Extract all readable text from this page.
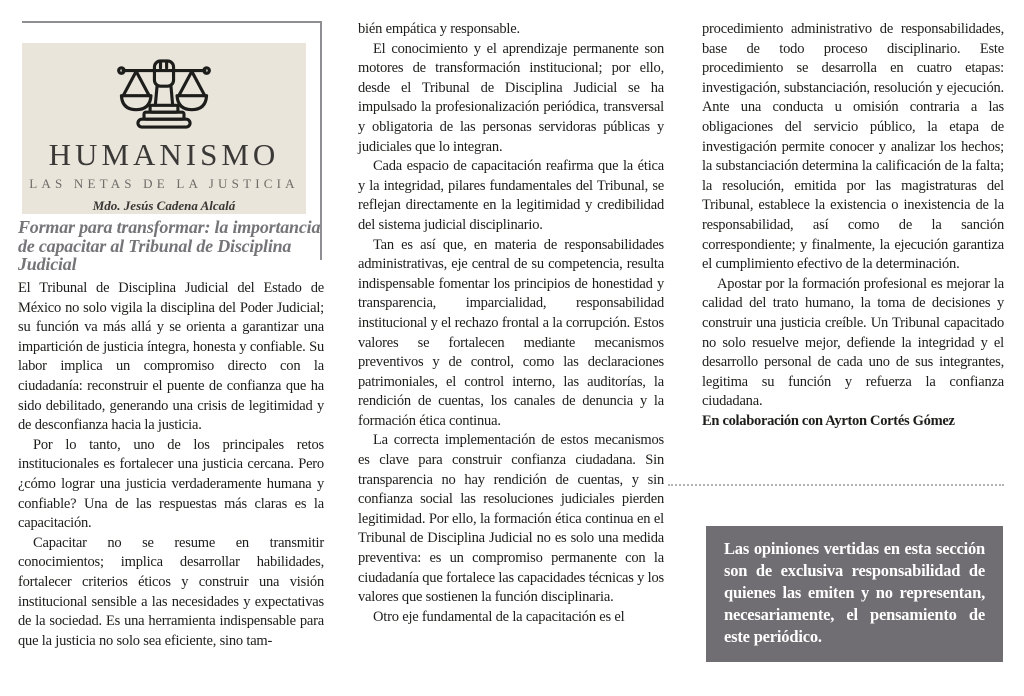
HUMANISMO
LAS NETAS DE LA JUSTICIA
Mdo. Jesús Cadena Alcalá
Formar para transformar: la importancia de capacitar al Tribunal de Disciplina Judicial

El Tribunal de Disciplina Judicial del Estado de México no solo vigila la disciplina del Poder Judicial; su función va más allá y se orienta a garantizar una impartición de justicia íntegra, honesta y confiable. Su labor implica un compromiso directo con la ciudadanía: reconstruir el puente de confianza que ha sido debilitado, generando una crisis de legitimidad y de desconfianza hacia la justicia.

Por lo tanto, uno de los principales retos institucionales es fortalecer una justicia cercana. Pero ¿cómo lograr una justicia verdaderamente humana y confiable? Una de las respuestas más claras es la capacitación.

Capacitar no se resume en transmitir conocimientos; implica desarrollar habilidades, fortalecer criterios éticos y construir una visión institucional sensible a las necesidades y expectativas de la sociedad. Es una herramienta indispensable para que la justicia no solo sea eficiente, sino tam-

bién empática y responsable.

El conocimiento y el aprendizaje permanente son motores de transformación institucional; por ello, desde el Tribunal de Disciplina Judicial se ha impulsado la profesionalización periódica, transversal y obligatoria de las personas servidoras públicas y judiciales que lo integran.

Cada espacio de capacitación reafirma que la ética y la integridad, pilares fundamentales del Tribunal, se reflejan directamente en la legitimidad y credibilidad del sistema judicial disciplinario.

Tan es así que, en materia de responsabilidades administrativas, eje central de su competencia, resulta indispensable fomentar los principios de honestidad y transparencia, imparcialidad, responsabilidad institucional y el rechazo frontal a la corrupción. Estos valores se fortalecen mediante mecanismos preventivos y de control, como las declaraciones patrimoniales, el control interno, las auditorías, la rendición de cuentas, los canales de denuncia y la formación ética continua.

La correcta implementación de estos mecanismos es clave para construir confianza ciudadana. Sin transparencia no hay rendición de cuentas, y sin confianza social las resoluciones judiciales pierden legitimidad. Por ello, la formación ética continua en el Tribunal de Disciplina Judicial no es solo una medida preventiva: es un compromiso permanente con la ciudadanía que fortalece las capacidades técnicas y los valores que sostienen la función disciplinaria.

Otro eje fundamental de la capacitación es el

procedimiento administrativo de responsabilidades, base de todo proceso disciplinario. Este procedimiento se desarrolla en cuatro etapas: investigación, substanciación, resolución y ejecución. Ante una conducta u omisión contraria a las obligaciones del servicio público, la etapa de investigación permite conocer y analizar los hechos; la substanciación determina la calificación de la falta; la resolución, emitida por las magistraturas del Tribunal, establece la existencia o inexistencia de la responsabilidad, así como de la sanción correspondiente; y finalmente, la ejecución garantiza el cumplimiento efectivo de la determinación.

Apostar por la formación profesional es mejorar la calidad del trato humano, la toma de decisiones y construir una justicia creíble. Un Tribunal capacitado no solo resuelve mejor, defiende la integridad y el desarrollo personal de cada uno de sus integrantes, legitima su función y refuerza la confianza ciudadana.

En colaboración con Ayrton Cortés Gómez

Las opiniones vertidas en esta sección son de exclusiva responsabilidad de quienes las emiten y no representan, necesariamente, el pensamiento de este periódico.
